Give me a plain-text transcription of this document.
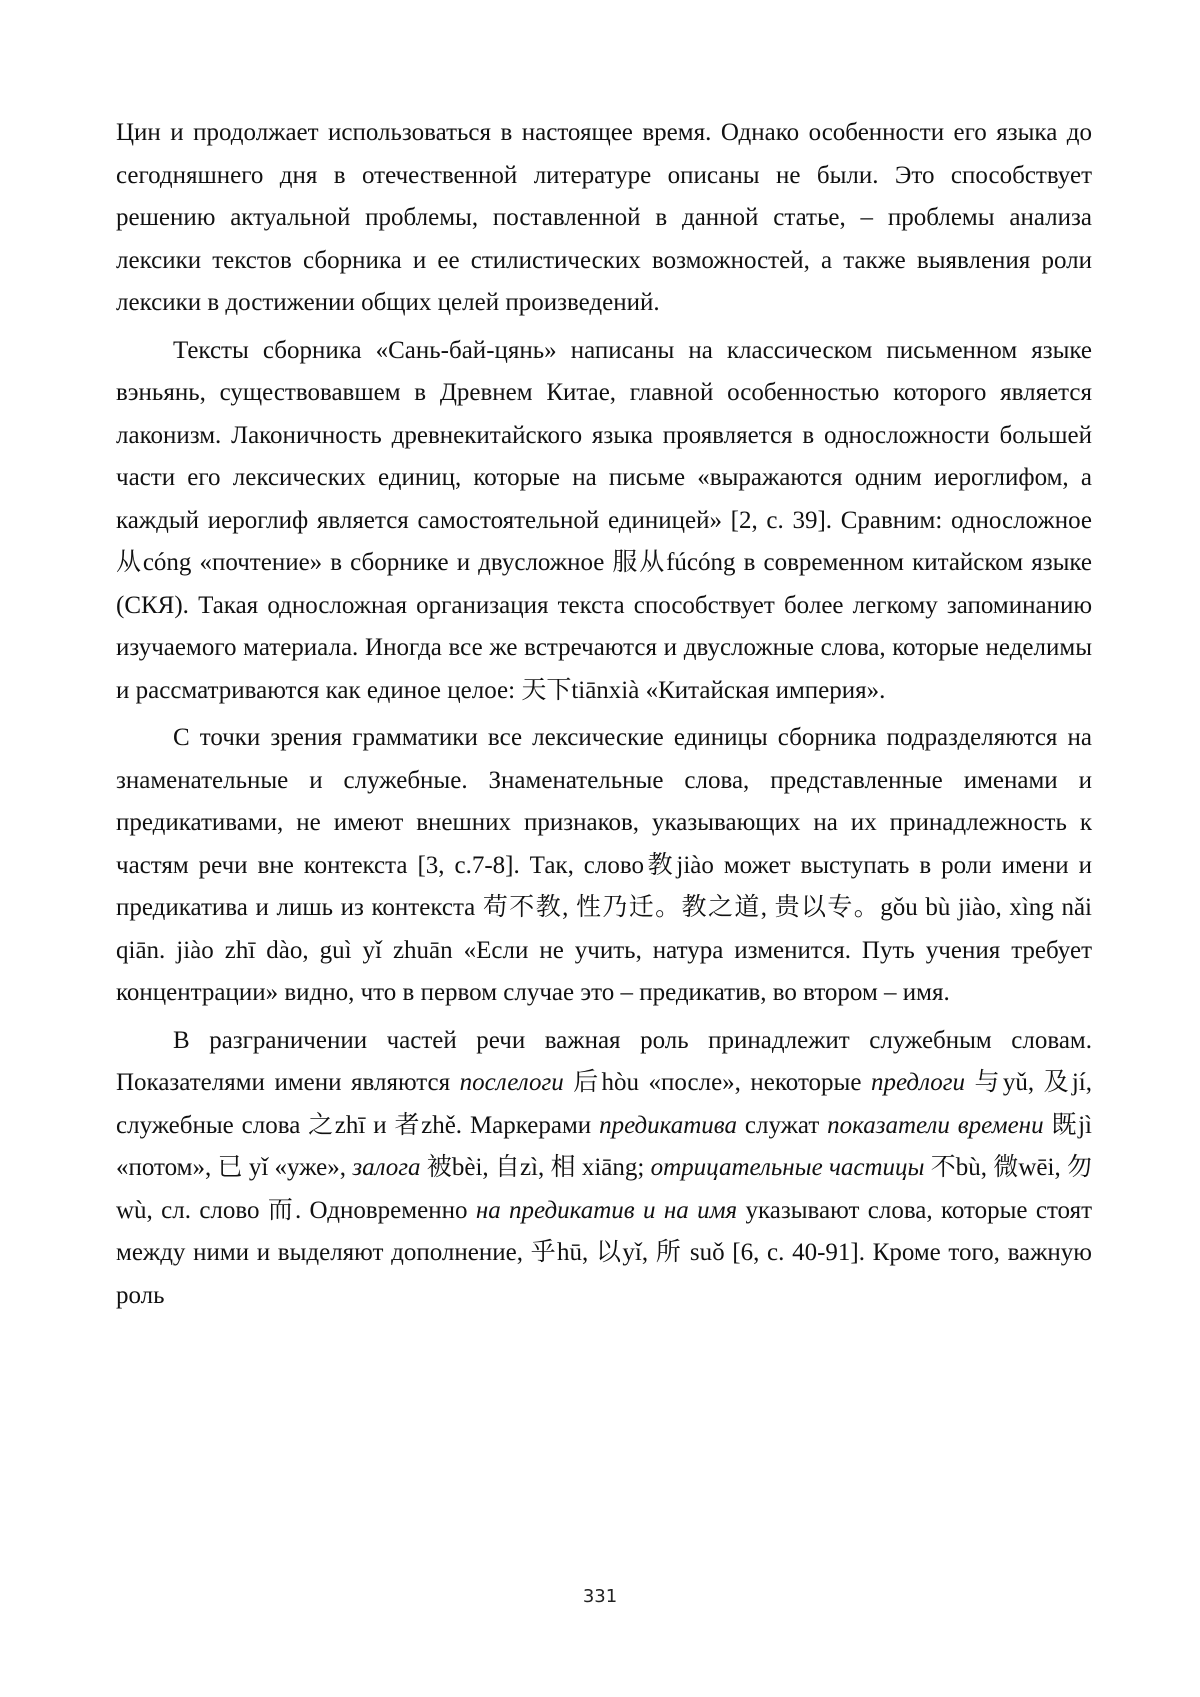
Цин и продолжает использоваться в настоящее время. Однако особенности его языка до сегодняшнего дня в отечественной литературе описаны не были. Это способствует решению актуальной проблемы, поставленной в данной статье, – проблемы анализа лексики текстов сборника и ее стилистических возможностей, а также выявления роли лексики в достижении общих целей произведений.

Тексты сборника «Сань-бай-цянь» написаны на классическом письменном языке вэньянь, существовавшем в Древнем Китае, главной особенностью которого является лаконизм. Лаконичность древнекитайского языка проявляется в односложности большей части его лексических единиц, которые на письме «выражаются одним иероглифом, а каждый иероглиф является самостоятельной единицей» [2, с. 39]. Сравним: односложное 从cóng «почтение» в сборнике и двусложное 服从fúcóng в современном китайском языке (СКЯ). Такая односложная организация текста способствует более легкому запоминанию изучаемого материала. Иногда все же встречаются и двусложные слова, которые неделимы и рассматриваются как единое целое: 天下tiānxià «Китайская империя».

С точки зрения грамматики все лексические единицы сборника подразделяются на знаменательные и служебные. Знаменательные слова, представленные именами и предикативами, не имеют внешних признаков, указывающих на их принадлежность к частям речи вне контекста [3, с.7-8]. Так, слово教jiào может выступать в роли имени и предикатива и лишь из контекста 苟不教, 性乃迁。教之道, 贵以专。gǒu bù jiào, xìng nǎi qiān. jiào zhī dào, guì yǐ zhuān «Если не учить, натура изменится. Путь учения требует концентрации» видно, что в первом случае это – предикатив, во втором – имя.

В разграничении частей речи важная роль принадлежит служебным словам. Показателями имени являются послелоги 后hòu «после», некоторые предлоги 与yǔ, 及jí, служебные слова 之zhī и 者zhě. Маркерами предикатива служат показатели времени 既jì «потом», 已 yǐ «уже», залога 被bèi, 自zì, 相 xiāng; отрицательные частицы 不bù, 微wēi, 勿wù, сл. слово 而. Одновременно на предикатив и на имя указывают слова, которые стоят между ними и выделяют дополнение, 乎hū, 以yǐ, 所 suǒ [6, с. 40-91]. Кроме того, важную роль

331
